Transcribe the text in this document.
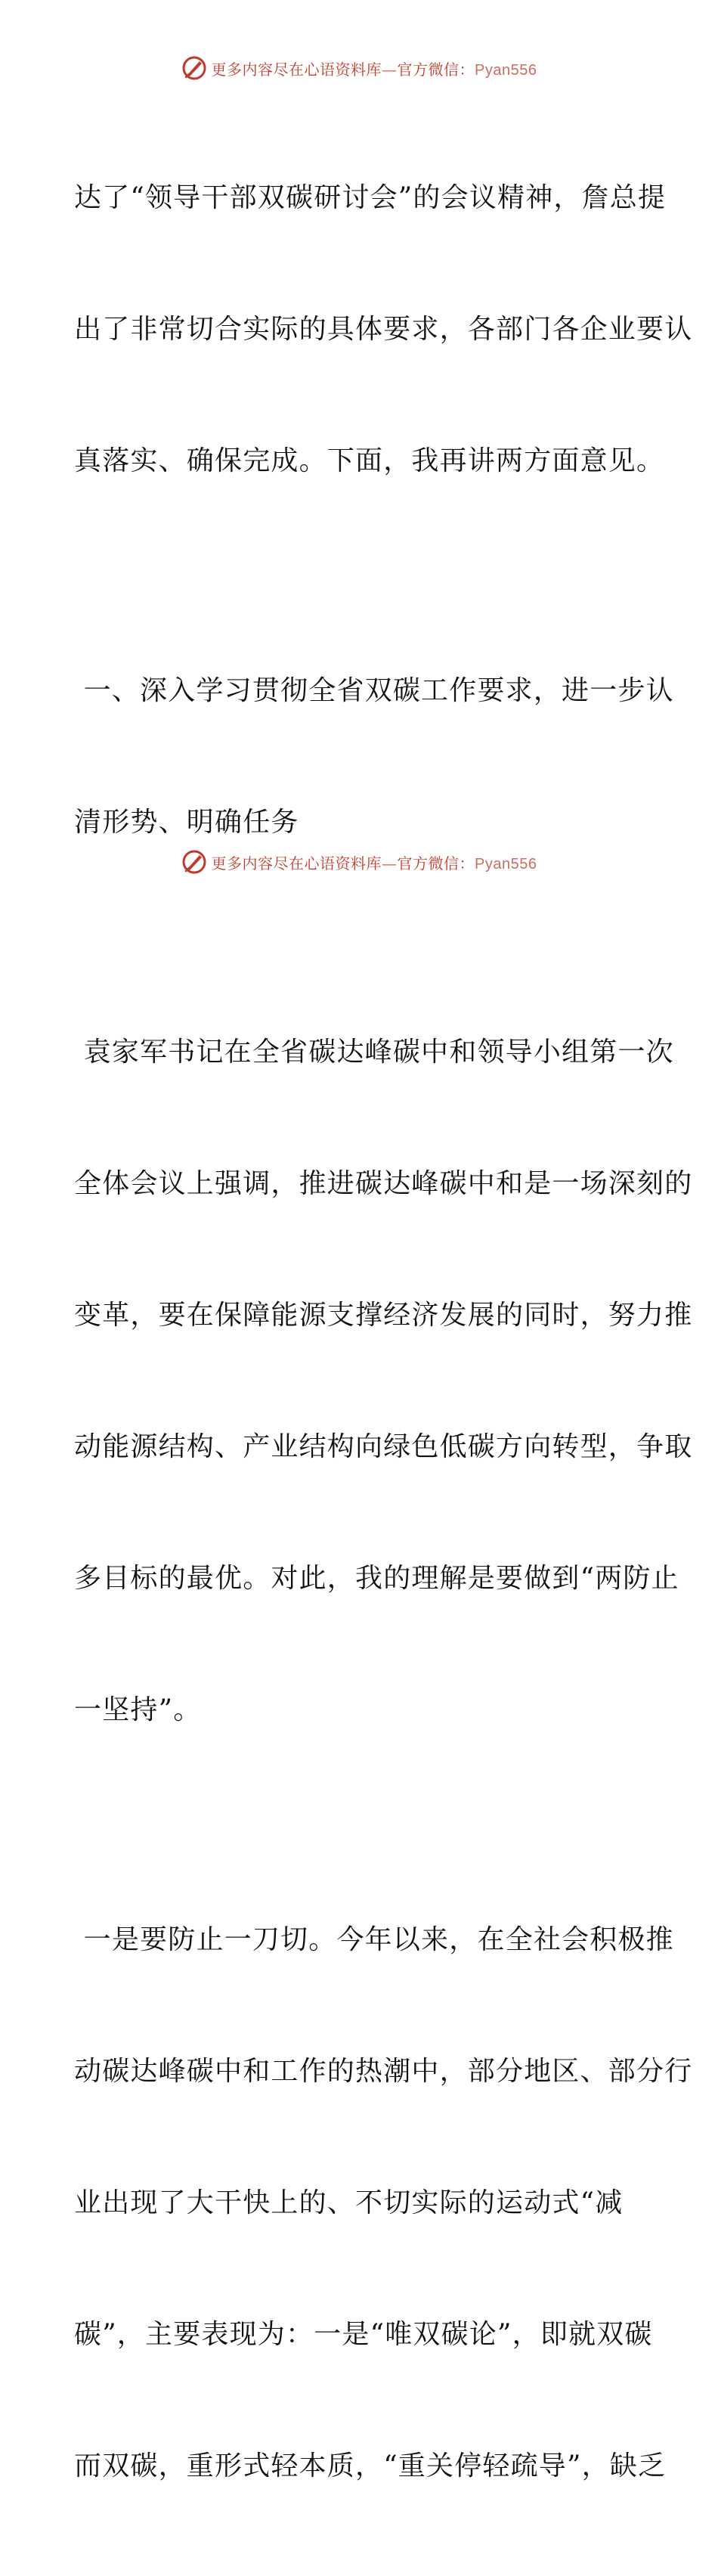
更多内容尽在心语资料库—官方微信：Pyan556

达了“领导干部双碳研讨会”的会议精神，詹总提

出了非常切合实际的具体要求，各部门各企业要认

真落实、确保完成。下面，我再讲两方面意见。

一、深入学习贯彻全省双碳工作要求，进一步认

清形势、明确任务

袁家军书记在全省碳达峰碳中和领导小组第一次

全体会议上强调，推进碳达峰碳中和是一场深刻的

变革，要在保障能源支撑经济发展的同时，努力推

动能源结构、产业结构向绿色低碳方向转型，争取

多目标的最优。对此，我的理解是要做到“两防止

一坚持”。

一是要防止一刀切。今年以来，在全社会积极推

动碳达峰碳中和工作的热潮中，部分地区、部分行

业出现了大干快上的、不切实际的运动式“减

碳”，主要表现为：一是“唯双碳论”，即就双碳

而双碳，重形式轻本质，“重关停轻疏导”，缺乏

更多内容尽在心语资料库—官方微信：Pyan556
